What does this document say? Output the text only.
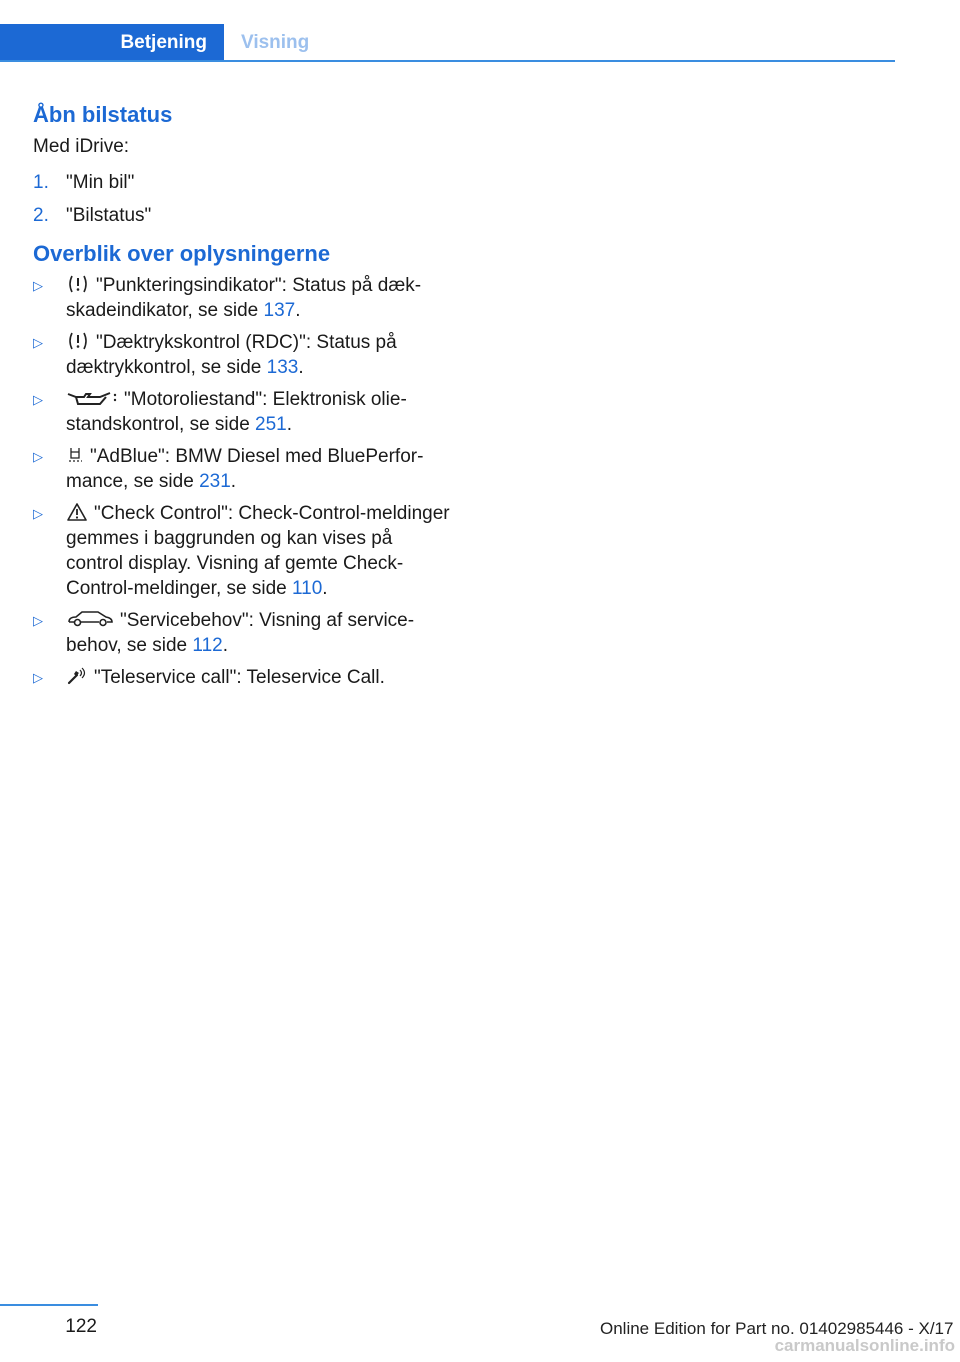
Betjening	Visning
Åbn bilstatus
Med iDrive:
1. "Min bil"
2. "Bilstatus"
Overblik over oplysningerne
▷	"Punkteringsindikator": Status på dækskadeindikator, se side 137.
▷	"Dæktrykskontrol (RDC)": Status på dæktrykkontrol, se side 133.
▷	"Motoroliestand": Elektronisk oliestandskontrol, se side 251.
▷	"AdBlue": BMW Diesel med BluePerformance, se side 231.
▷	"Check Control": Check-Control-meldinger gemmes i baggrunden og kan vises på control display. Visning af gemte Check-Control-meldinger, se side 110.
▷	"Servicebehov": Visning af servicebehov, se side 112.
▷	"Teleservice call": Teleservice Call.
122	Online Edition for Part no. 01402985446 - X/17
carmanualsonline.info
